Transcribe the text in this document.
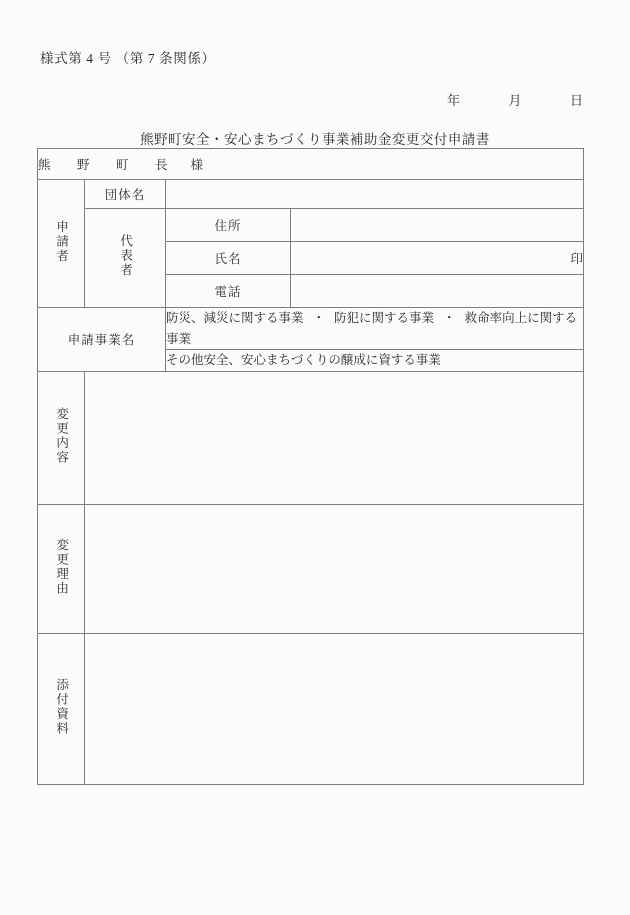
様式第 4 号 （第 7 条関係）
年	月	日
熊野町安全・安心まちづくり事業補助金変更交付申請書
熊　野　町　長 様			
申請者	団体名		
	代表者	住所	
		氏名	印
		電話	
申請事業名		防災、減災に関する事業 ・ 防犯に関する事業 ・ 救命率向上に関する事業	
		その他安全、安心まちづくりの醸成に資する事業	
変更内容			
変更理由			
添付資料			
